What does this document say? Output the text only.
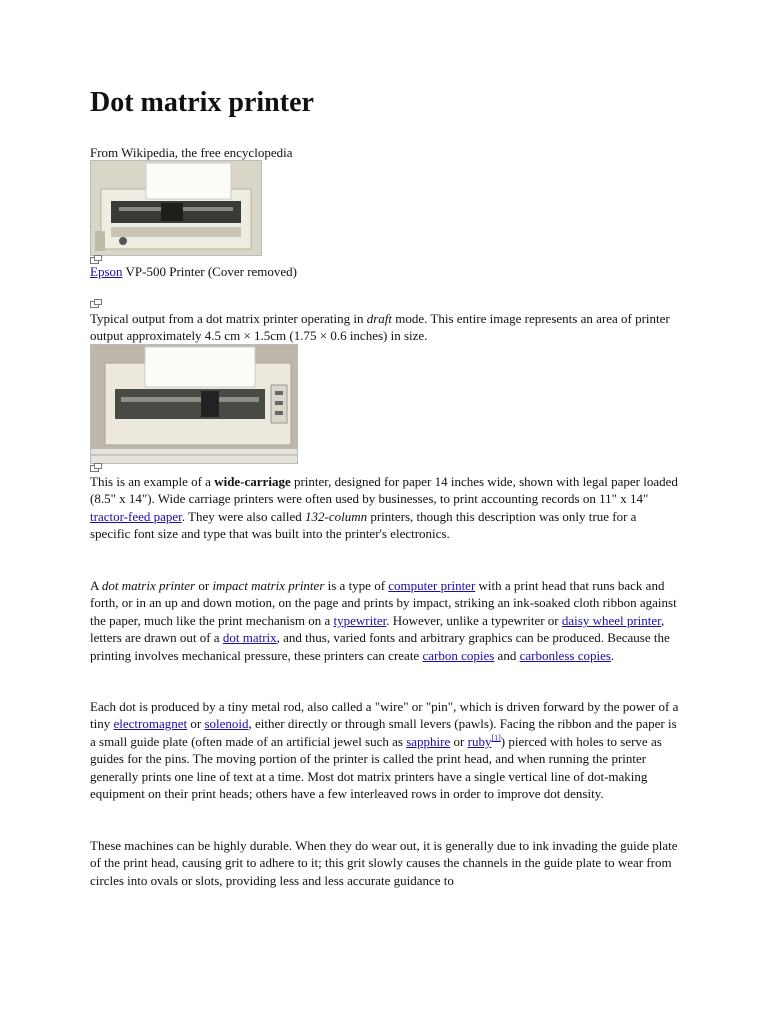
Dot matrix printer
From Wikipedia, the free encyclopedia
Epson VP-500 Printer (Cover removed)
Typical output from a dot matrix printer operating in draft mode. This entire image represents an area of printer output approximately 4.5 cm × 1.5cm (1.75 × 0.6 inches) in size.
This is an example of a wide-carriage printer, designed for paper 14 inches wide, shown with legal paper loaded (8.5" x 14"). Wide carriage printers were often used by businesses, to print accounting records on 11" x 14" tractor-feed paper. They were also called 132-column printers, though this description was only true for a specific font size and type that was built into the printer's electronics.
A dot matrix printer or impact matrix printer is a type of computer printer with a print head that runs back and forth, or in an up and down motion, on the page and prints by impact, striking an ink-soaked cloth ribbon against the paper, much like the print mechanism on a typewriter. However, unlike a typewriter or daisy wheel printer, letters are drawn out of a dot matrix, and thus, varied fonts and arbitrary graphics can be produced. Because the printing involves mechanical pressure, these printers can create carbon copies and carbonless copies.
Each dot is produced by a tiny metal rod, also called a "wire" or "pin", which is driven forward by the power of a tiny electromagnet or solenoid, either directly or through small levers (pawls). Facing the ribbon and the paper is a small guide plate (often made of an artificial jewel such as sapphire or ruby[1]) pierced with holes to serve as guides for the pins. The moving portion of the printer is called the print head, and when running the printer generally prints one line of text at a time. Most dot matrix printers have a single vertical line of dot-making equipment on their print heads; others have a few interleaved rows in order to improve dot density.
These machines can be highly durable. When they do wear out, it is generally due to ink invading the guide plate of the print head, causing grit to adhere to it; this grit slowly causes the channels in the guide plate to wear from circles into ovals or slots, providing less and less accurate guidance to
